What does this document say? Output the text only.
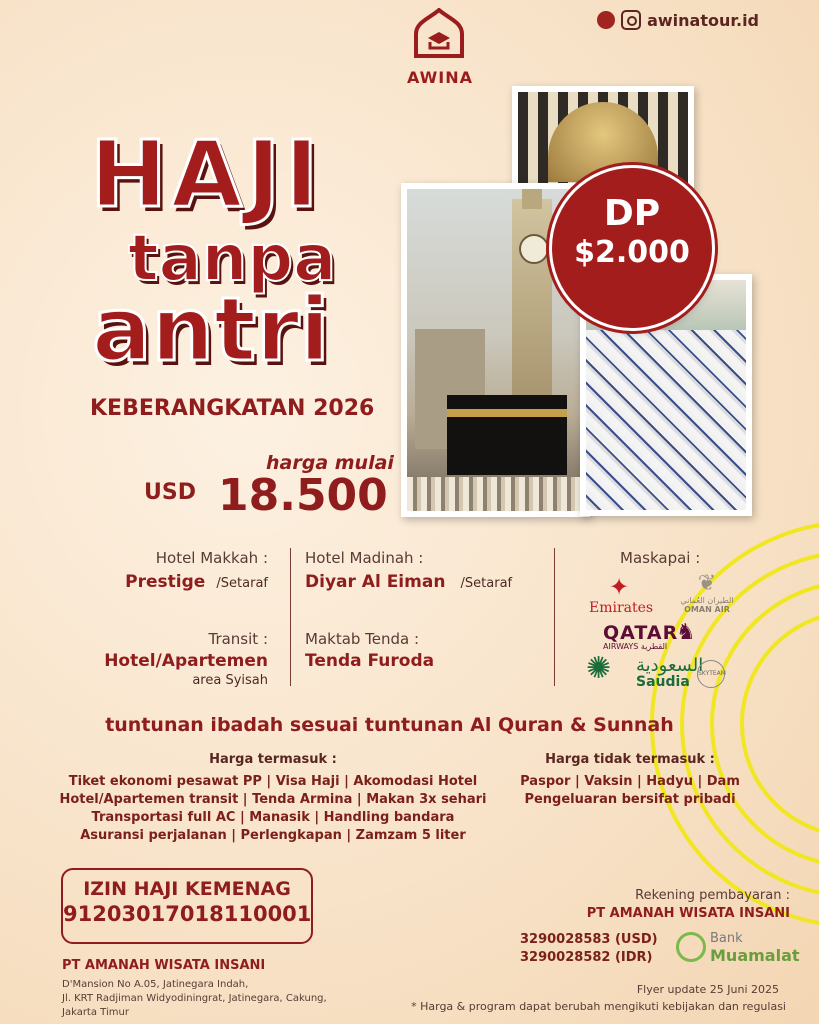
AWINA
awinatour.id
HAJI
tanpa
antri
KEBERANGKATAN 2026
harga mulai
USD 18.500
DP
$2.000
Hotel Makkah :
Prestige /Setaraf
Transit :
Hotel/Apartemen
area Syisah
Hotel Madinah :
Diyar Al Eiman /Setaraf
Maktab Tenda :
Tenda Furoda
Maskapai :
✦
Emirates
❦
الطيران العُماني
OMAN AIR
QATAR
AIRWAYS القطرية
♞
✺ السعودية
Saudia
SKYTEAM
tuntunan ibadah sesuai tuntunan Al Quran & Sunnah
Harga termasuk :
Tiket ekonomi pesawat PP | Visa Haji | Akomodasi Hotel
Hotel/Apartemen transit | Tenda Armina | Makan 3x sehari
Transportasi full AC | Manasik | Handling bandara
Asuransi perjalanan | Perlengkapan | Zamzam 5 liter
Harga tidak termasuk :
Paspor | Vaksin | Hadyu | Dam
Pengeluaran bersifat pribadi
IZIN HAJI KEMENAG
91203017018110001
PT AMANAH WISATA INSANI
D'Mansion No A.05, Jatinegara Indah,
Jl. KRT Radjiman Widyodiningrat, Jatinegara, Cakung,
Jakarta Timur
Rekening pembayaran :
PT AMANAH WISATA INSANI
3290028583 (USD)
3290028582 (IDR)
Bank
Muamalat
Flyer update 25 Juni 2025
* Harga & program dapat berubah mengikuti kebijakan dan regulasi
